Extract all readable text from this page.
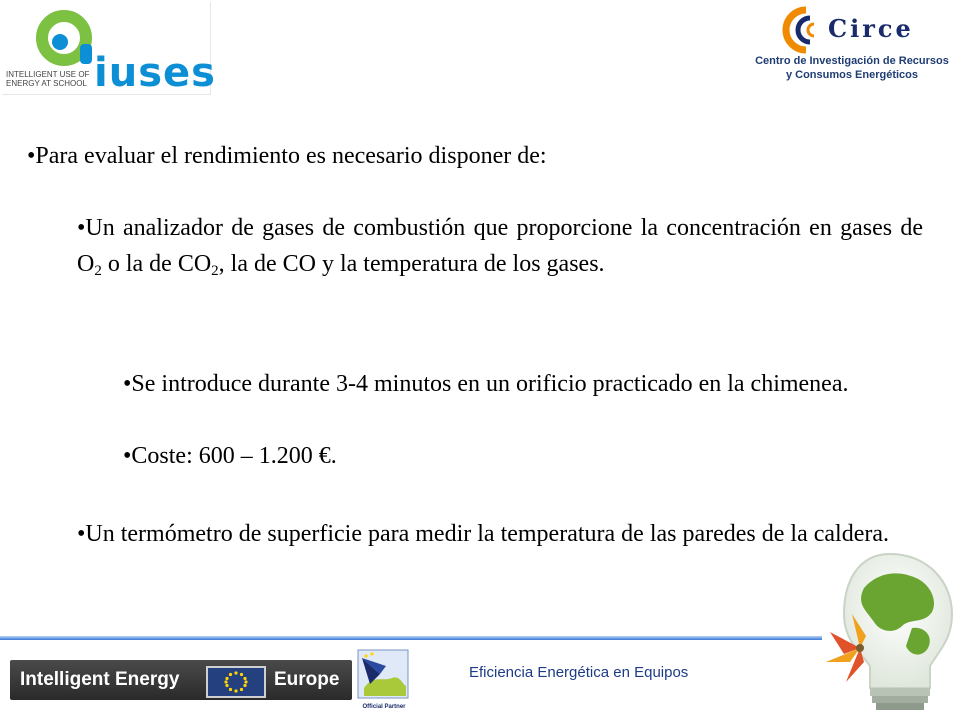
INTELLIGENT USE OF ENERGY AT SCHOOL iuses
Circe
Centro de Investigación de Recursos
y Consumos Energéticos
•Para evaluar el rendimiento es necesario disponer de:
•Un analizador de gases de combustión que proporcione la concentración en gases de $O_2$ o la de $CO_2$, la de CO y la temperatura de los gases.
•Se introduce durante 3-4 minutos en un orificio practicado en la chimenea.
•Coste: 600 – 1.200 €.
•Un termómetro de superficie para medir la temperatura de las paredes de la caldera.
Intelligent Energy	Europe
Official Partner
Eficiencia Energética en Equipos
